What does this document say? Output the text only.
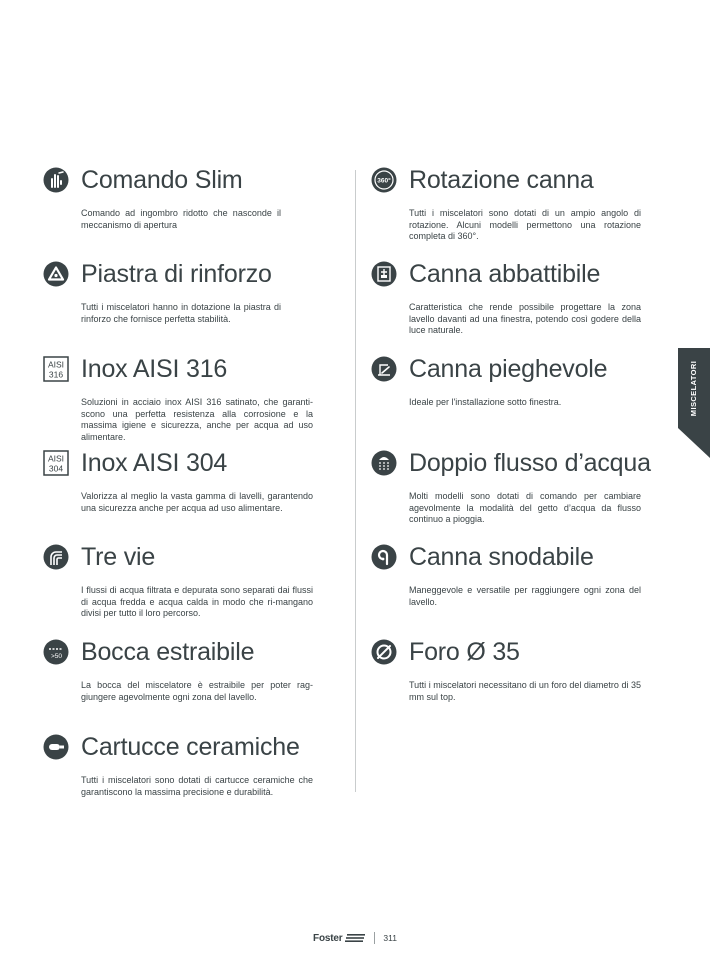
Comando Slim

Comando ad ingombro ridotto che nasconde il meccanismo di apertura

Piastra di rinforzo

Tutti i miscelatori hanno in dotazione la piastra di rinforzo che fornisce perfetta stabilità.

AISI
316 Inox AISI 316

Soluzioni in acciaio inox AISI 316 satinato, che garanti-scono una perfetta resistenza alla corrosione e la massima igiene e sicurezza, anche per acqua ad uso alimentare.

AISI
304 Inox AISI 304

Valorizza al meglio la vasta gamma di lavelli, garantendo una sicurezza anche per acqua ad uso alimentare.

Tre vie

I flussi di acqua filtrata e depurata sono separati dai flussi di acqua fredda e acqua calda in modo che ri-mangano divisi per tutto il loro percorso.

>50 Bocca estraibile

La bocca del miscelatore è estraibile per poter rag-giungere agevolmente ogni zona del lavello.

Cartucce ceramiche

Tutti i miscelatori sono dotati di cartucce ceramiche che garantiscono la massima precisione e durabilità.

360° Rotazione canna

Tutti i miscelatori sono dotati di un ampio angolo di rotazione. Alcuni modelli permettono una rotazione completa di 360°.

Canna abbattibile

Caratteristica che rende possibile progettare la zona lavello davanti ad una finestra, potendo così godere della luce naturale.

Canna pieghevole

Ideale per l'installazione sotto finestra.

Doppio flusso d’acqua

Molti modelli sono dotati di comando per cambiare agevolmente la modalità del getto d’acqua da flusso continuo a pioggia.

Canna snodabile

Maneggevole e versatile per raggiungere ogni zona del lavello.

Foro Ø 35

Tutti i miscelatori necessitano di un foro del diametro di 35 mm sul top.

MISCELATORI
Foster	311
